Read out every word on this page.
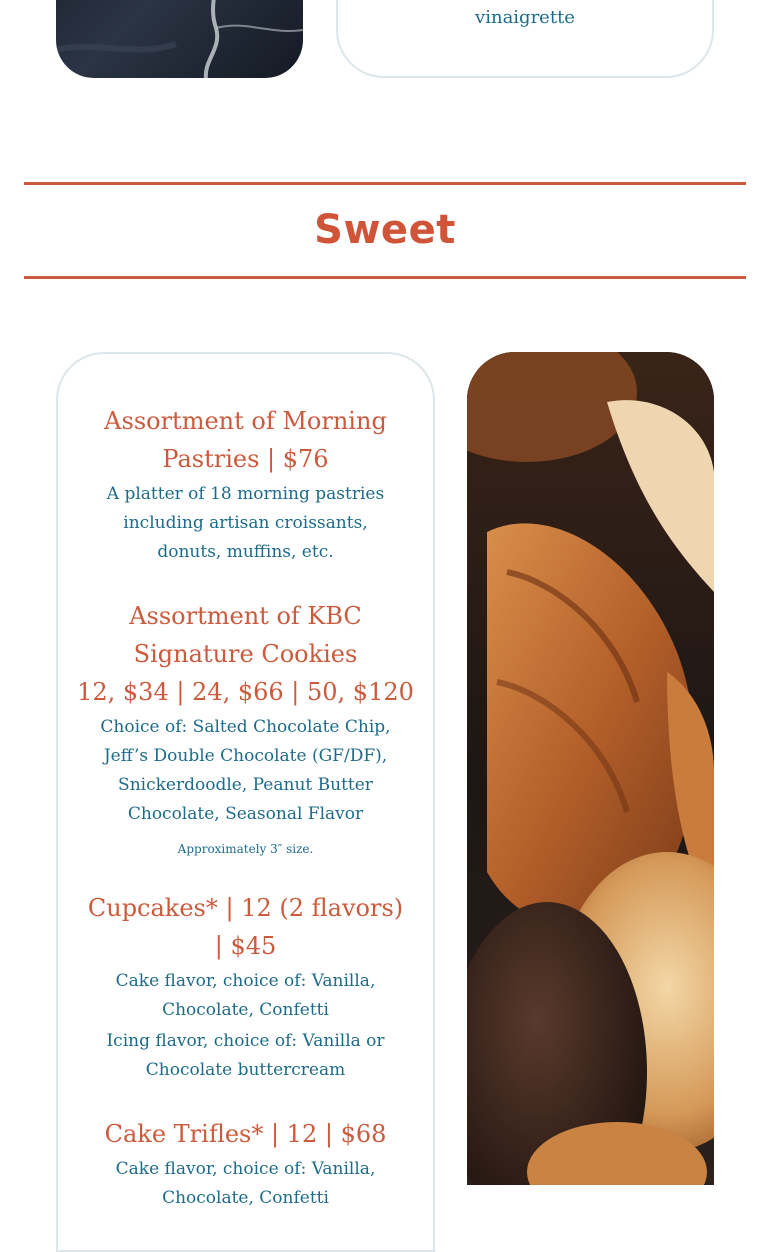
vinaigrette
Sweet
Assortment of Morning Pastries | $76
A platter of 18 morning pastries including artisan croissants, donuts, muffins, etc.
Assortment of KBC Signature Cookies
12, $34 | 24, $66 | 50, $120
Choice of: Salted Chocolate Chip, Jeff’s Double Chocolate (GF/DF), Snickerdoodle, Peanut Butter Chocolate, Seasonal Flavor
Approximately 3″ size.
Cupcakes* | 12 (2 flavors) | $45
Cake flavor, choice of: Vanilla, Chocolate, Confetti
Icing flavor, choice of: Vanilla or Chocolate buttercream
Cake Trifles* | 12 | $68
Cake flavor, choice of: Vanilla, Chocolate, Confetti
